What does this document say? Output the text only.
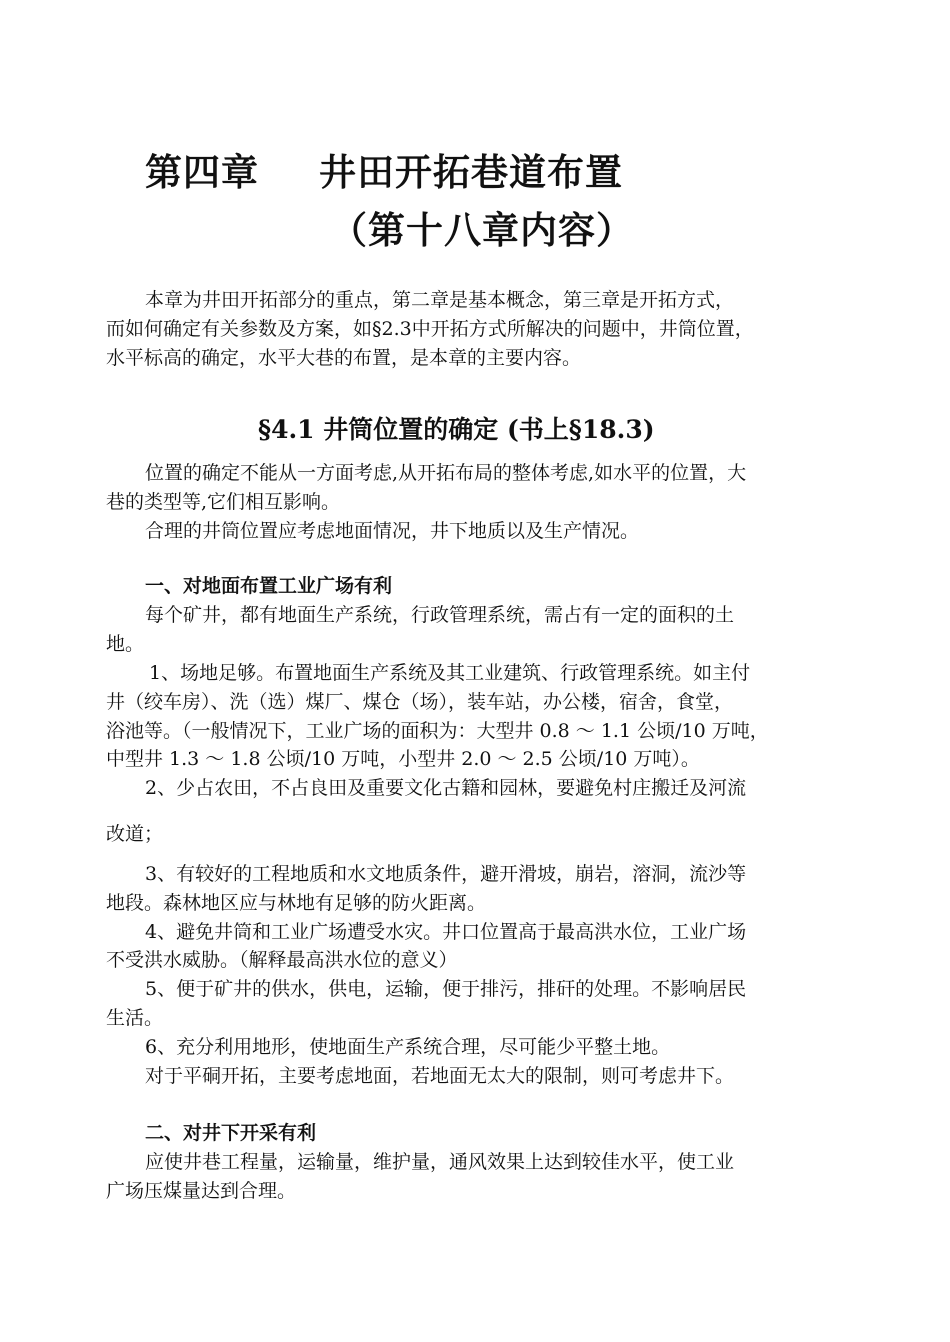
第四章 井田开拓巷道布置
（第十八章内容）
本章为井田开拓部分的重点，第二章是基本概念，第三章是开拓方式，
而如何确定有关参数及方案，如§2.3中开拓方式所解决的问题中，井筒位置，
水平标高的确定，水平大巷的布置，是本章的主要内容。
§4.1 井筒位置的确定 (书上§18.3)
位置的确定不能从一方面考虑,从开拓布局的整体考虑,如水平的位置，大
巷的类型等,它们相互影响。
合理的井筒位置应考虑地面情况，井下地质以及生产情况。
一、对地面布置工业广场有利
每个矿井，都有地面生产系统，行政管理系统，需占有一定的面积的土
地。
1、场地足够。布置地面生产系统及其工业建筑、行政管理系统。如主付
井（绞车房）、洗（选）煤厂、煤仓（场），装车站，办公楼，宿舍，食堂，
浴池等。（一般情况下，工业广场的面积为：大型井 0.8 ～ 1.1 公顷/10 万吨，
中型井 1.3 ～ 1.8 公顷/10 万吨，小型井 2.0 ～ 2.5 公顷/10 万吨）。
2、少占农田，不占良田及重要文化古籍和园林，要避免村庄搬迁及河流
改道；
3、有较好的工程地质和水文地质条件，避开滑坡，崩岩，溶洞，流沙等
地段。森林地区应与林地有足够的防火距离。
4、避免井筒和工业广场遭受水灾。井口位置高于最高洪水位，工业广场
不受洪水威胁。（解释最高洪水位的意义）
5、便于矿井的供水，供电，运输，便于排污，排矸的处理。不影响居民
生活。
6、充分利用地形，使地面生产系统合理，尽可能少平整土地。
对于平硐开拓，主要考虑地面，若地面无太大的限制，则可考虑井下。
二、对井下开采有利
应使井巷工程量，运输量，维护量，通风效果上达到较佳水平，使工业
广场压煤量达到合理。
